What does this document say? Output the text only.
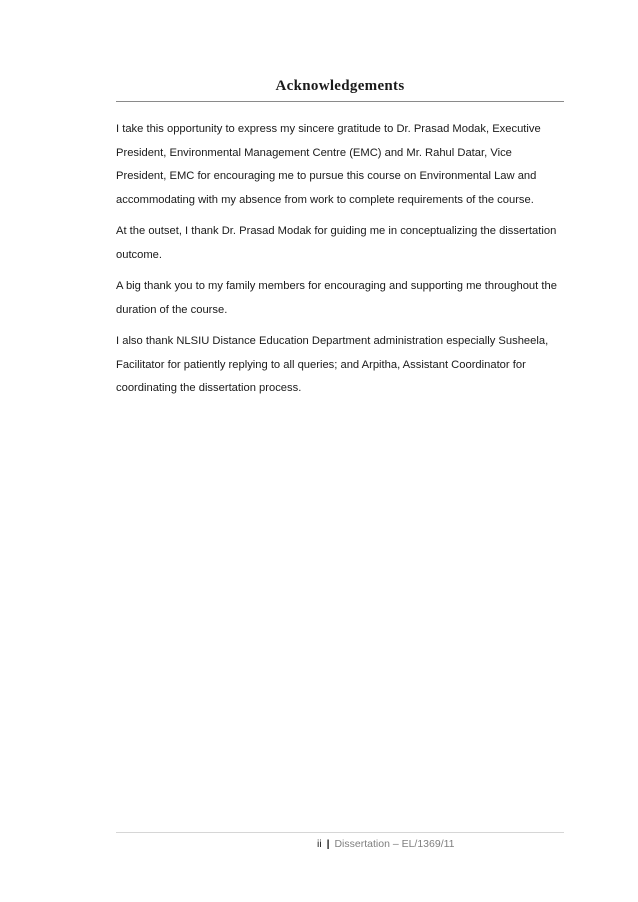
Acknowledgements

I take this opportunity to express my sincere gratitude to Dr. Prasad Modak, Executive President, Environmental Management Centre (EMC) and Mr. Rahul Datar, Vice President, EMC for encouraging me to pursue this course on Environmental Law and accommodating with my absence from work to complete requirements of the course.

At the outset, I thank Dr. Prasad Modak for guiding me in conceptualizing the dissertation outcome.

A big thank you to my family members for encouraging and supporting me throughout the duration of the course.

I also thank NLSIU Distance Education Department administration especially Susheela, Facilitator for patiently replying to all queries; and Arpitha, Assistant Coordinator for coordinating the dissertation process.

ii | Dissertation – EL/1369/11
